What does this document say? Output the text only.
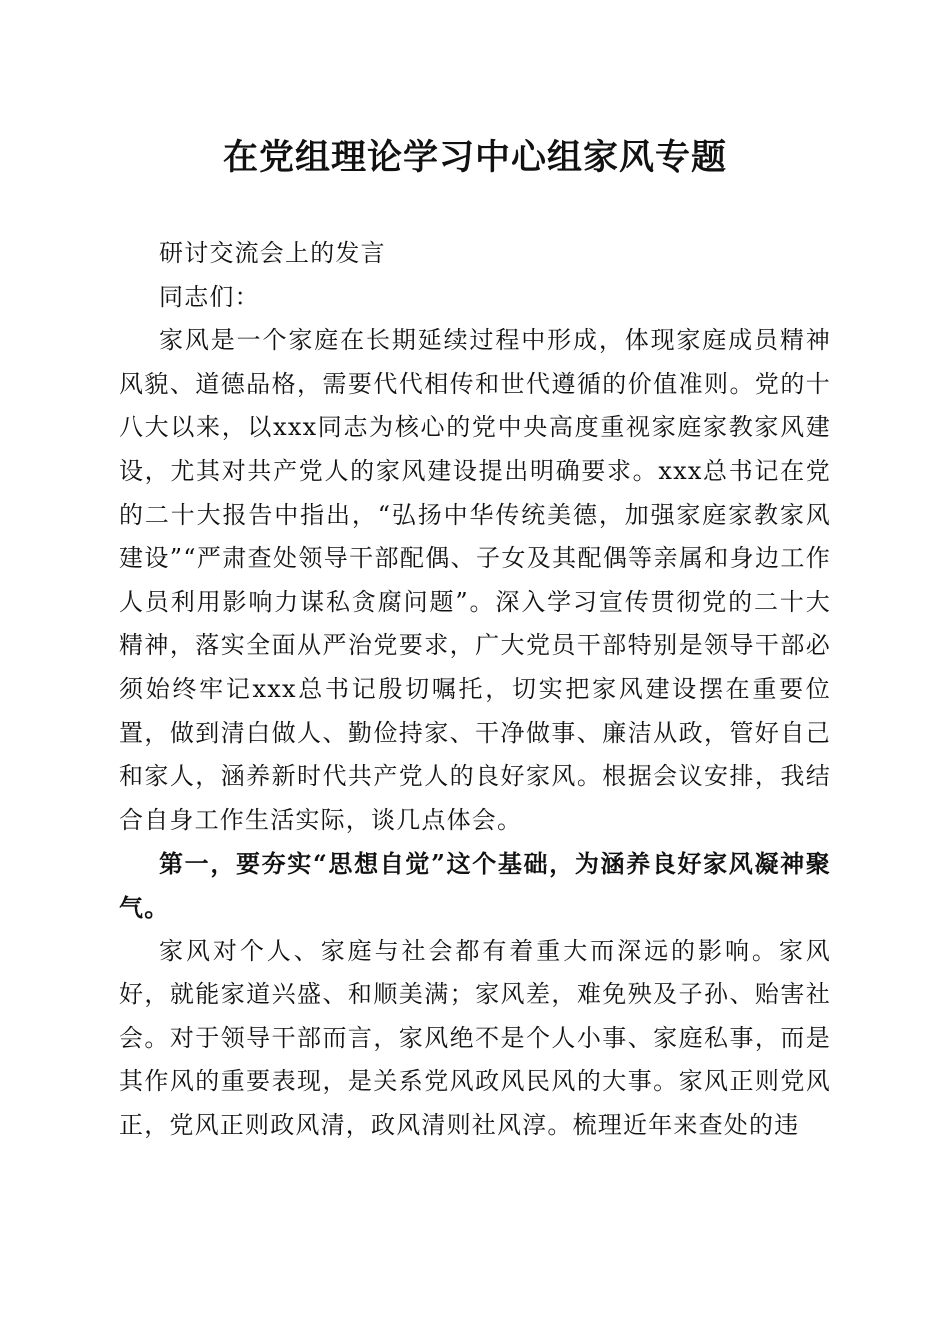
在党组理论学习中心组家风专题

研讨交流会上的发言

同志们：

家风是一个家庭在长期延续过程中形成，体现家庭成员精神风貌、道德品格，需要代代相传和世代遵循的价值准则。党的十八大以来，以xxx同志为核心的党中央高度重视家庭家教家风建设，尤其对共产党人的家风建设提出明确要求。xxx总书记在党的二十大报告中指出，“弘扬中华传统美德，加强家庭家教家风建设”“严肃查处领导干部配偶、子女及其配偶等亲属和身边工作人员利用影响力谋私贪腐问题”。深入学习宣传贯彻党的二十大精神，落实全面从严治党要求，广大党员干部特别是领导干部必须始终牢记xxx总书记殷切嘱托，切实把家风建设摆在重要位置，做到清白做人、勤俭持家、干净做事、廉洁从政，管好自己和家人，涵养新时代共产党人的良好家风。根据会议安排，我结合自身工作生活实际，谈几点体会。

第一，要夯实“思想自觉”这个基础，为涵养良好家风凝神聚气。

家风对个人、家庭与社会都有着重大而深远的影响。家风好，就能家道兴盛、和顺美满；家风差，难免殃及子孙、贻害社会。对于领导干部而言，家风绝不是个人小事、家庭私事，而是其作风的重要表现，是关系党风政风民风的大事。家风正则党风正，党风正则政风清，政风清则社风淳。梳理近年来查处的违
